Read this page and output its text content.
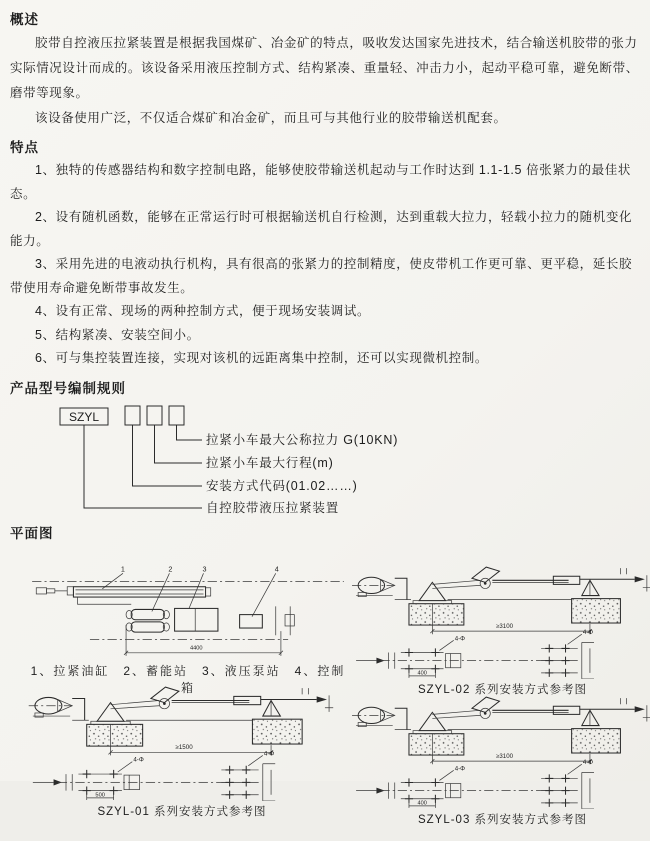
概述

胶带自控液压拉紧装置是根据我国煤矿、冶金矿的特点，吸收发达国家先进技术，结合输送机胶带的张力实际情况设计而成的。该设备采用液压控制方式、结构紧凑、重量轻、冲击力小，起动平稳可靠，避免断带、磨带等现象。

该设备使用广泛，不仅适合煤矿和冶金矿，而且可与其他行业的胶带输送机配套。

特点

1、独特的传感器结构和数字控制电路，能够使胶带输送机起动与工作时达到 1.1-1.5 倍张紧力的最佳状态。

2、设有随机函数，能够在正常运行时可根据输送机自行检测，达到重载大拉力，轻载小拉力的随机变化能力。

3、采用先进的电液动执行机构，具有很高的张紧力的控制精度，使皮带机工作更可靠、更平稳，延长胶带使用寿命避免断带事故发生。

4、设有正常、现场的两种控制方式，便于现场安装调试。

5、结构紧凑、安装空间小。

6、可与集控装置连接，实现对该机的远距离集中控制，还可以实现微机控制。

产品型号编制规则
SZYL
拉紧小车最大公称拉力 G(10KN)
拉紧小车最大行程(m)
安装方式代码(01.02……)
自控胶带液压拉紧装置
平面图
1	2	3	4
4400
1、拉紧油缸　2、蓄能站　3、液压泵站　4、控制箱
≥3100
4-Φ
400
4-Φ
SZYL-02 系列安装方式参考图
≥1500
4-Φ
500
4-Φ
SZYL-01 系列安装方式参考图
≥3100
4-Φ
400
4-Φ
SZYL-03 系列安装方式参考图
